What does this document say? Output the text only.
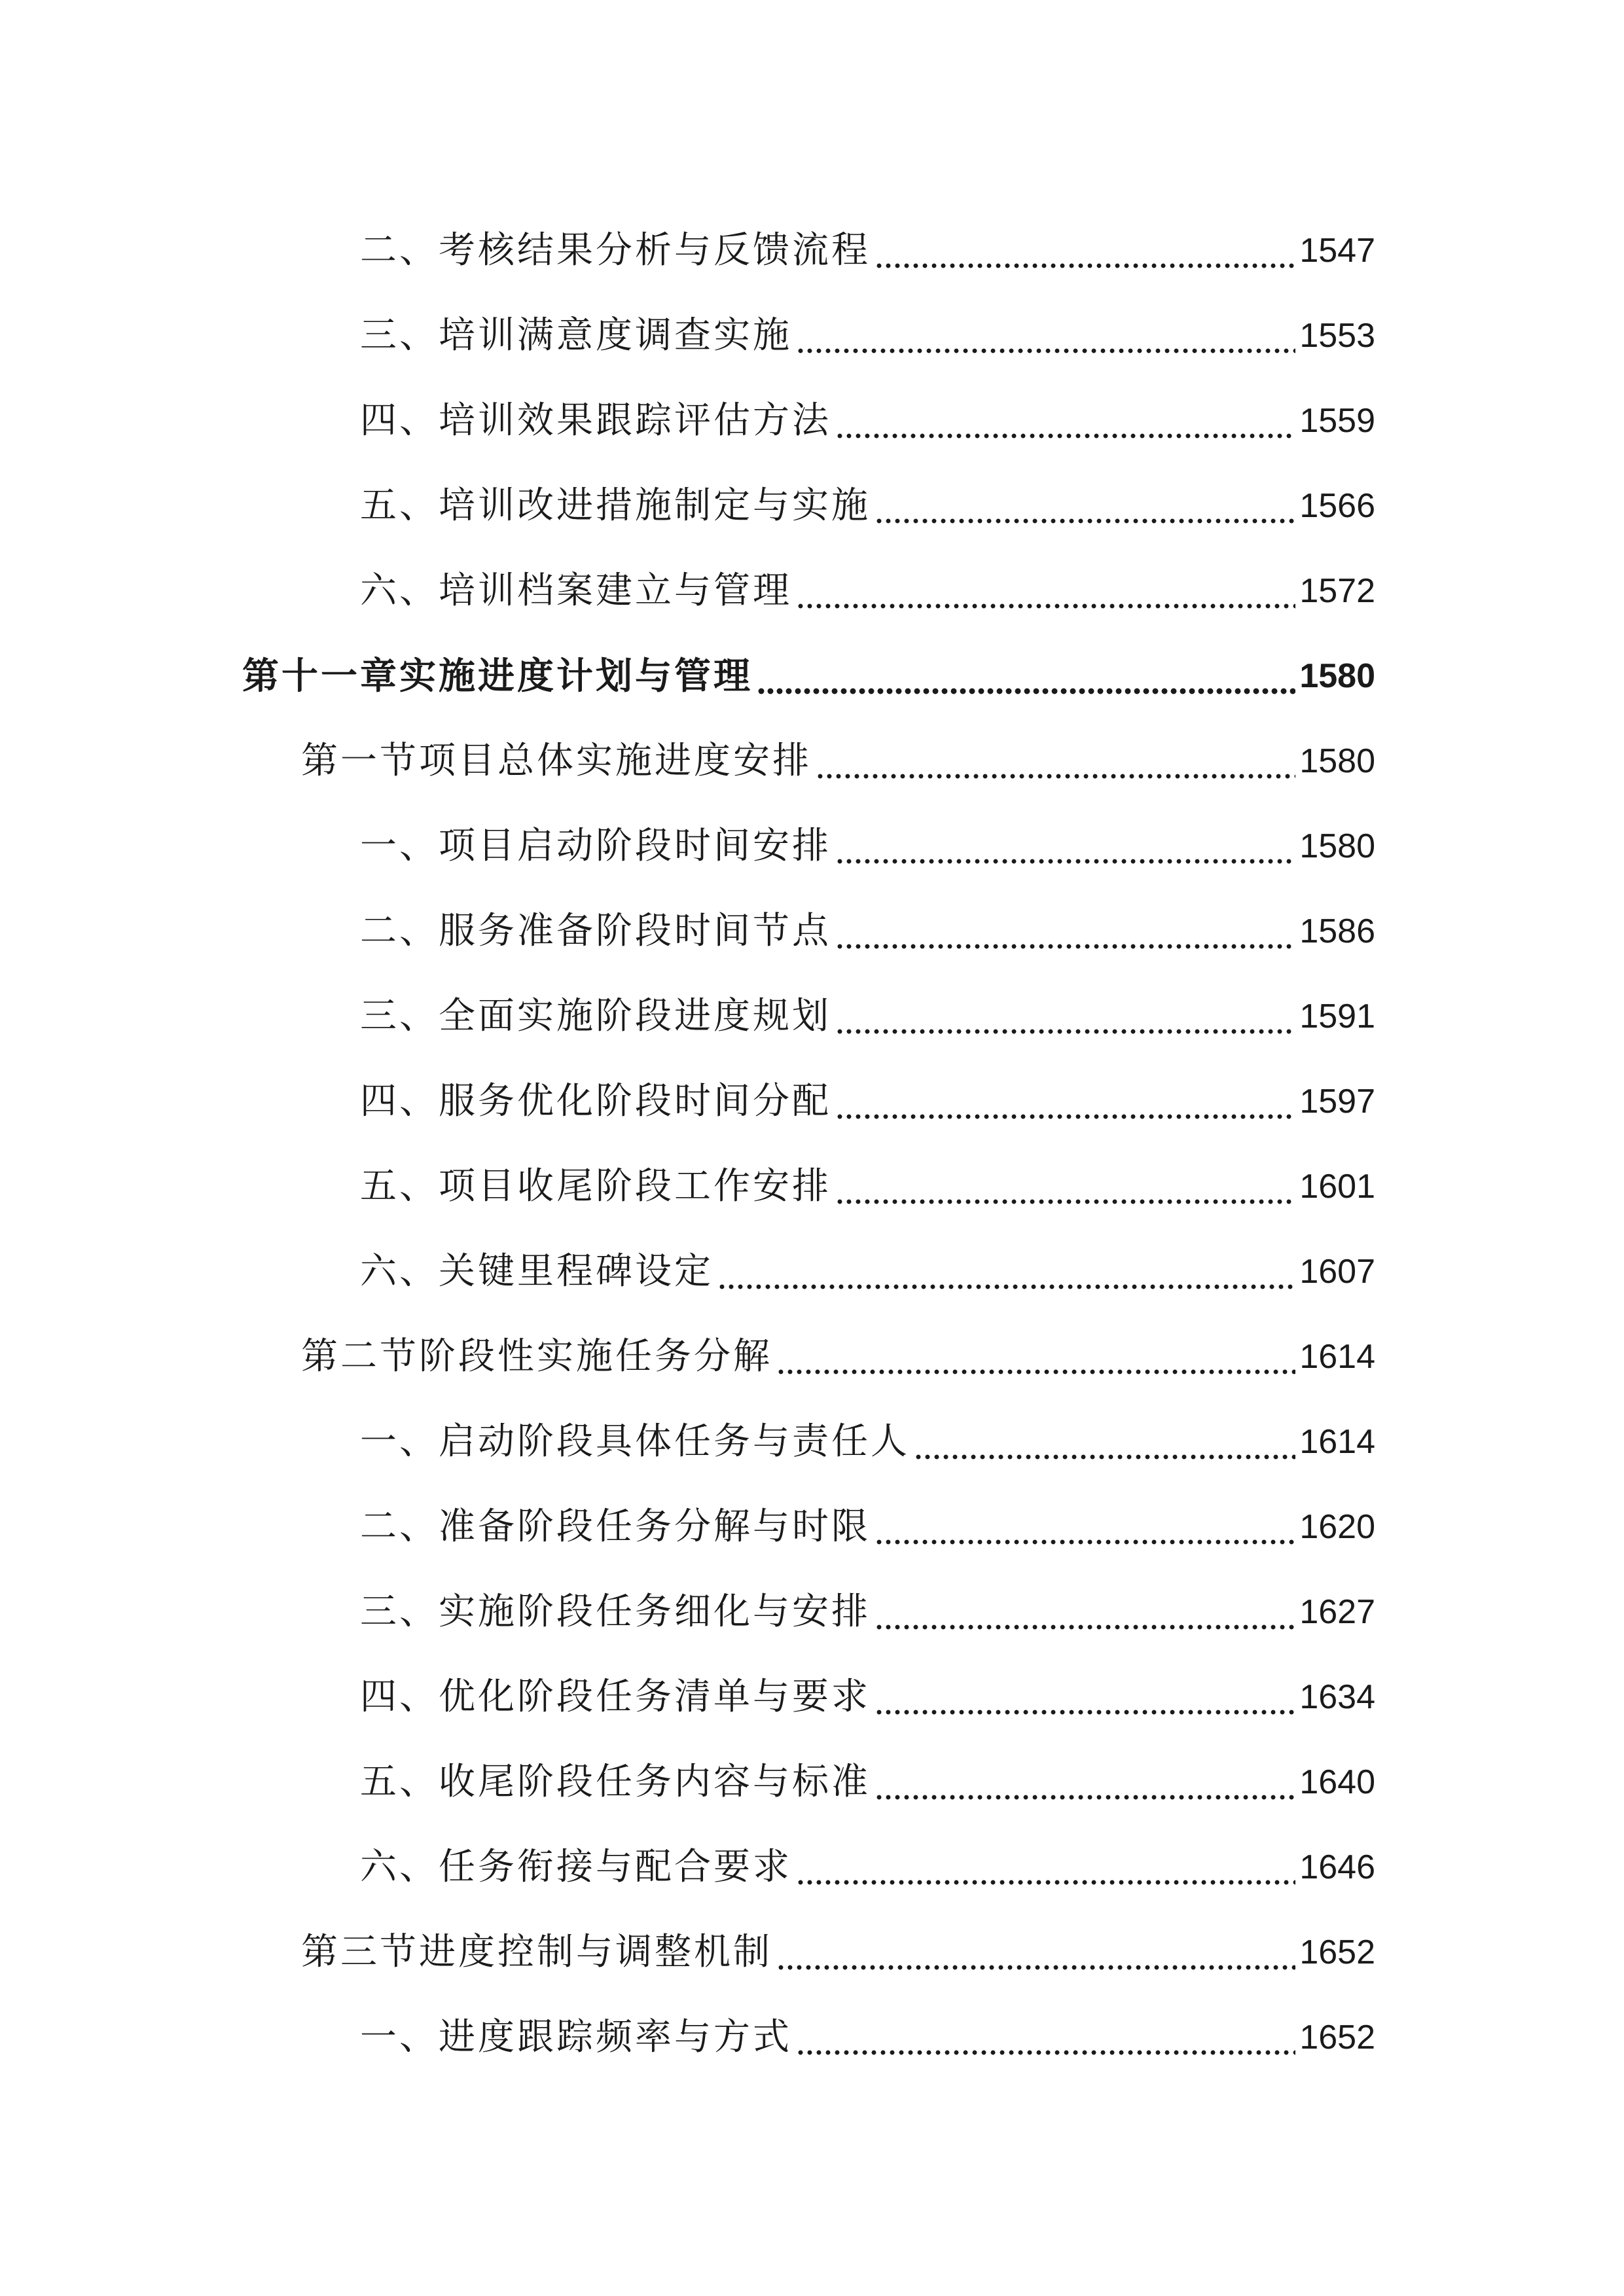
二、考核结果分析与反馈流程	1547
三、培训满意度调查实施	1553
四、培训效果跟踪评估方法	1559
五、培训改进措施制定与实施	1566
六、培训档案建立与管理	1572
第十一章实施进度计划与管理	1580
第一节项目总体实施进度安排	1580
一、项目启动阶段时间安排	1580
二、服务准备阶段时间节点	1586
三、全面实施阶段进度规划	1591
四、服务优化阶段时间分配	1597
五、项目收尾阶段工作安排	1601
六、关键里程碑设定	1607
第二节阶段性实施任务分解	1614
一、启动阶段具体任务与责任人	1614
二、准备阶段任务分解与时限	1620
三、实施阶段任务细化与安排	1627
四、优化阶段任务清单与要求	1634
五、收尾阶段任务内容与标准	1640
六、任务衔接与配合要求	1646
第三节进度控制与调整机制	1652
一、进度跟踪频率与方式	1652
